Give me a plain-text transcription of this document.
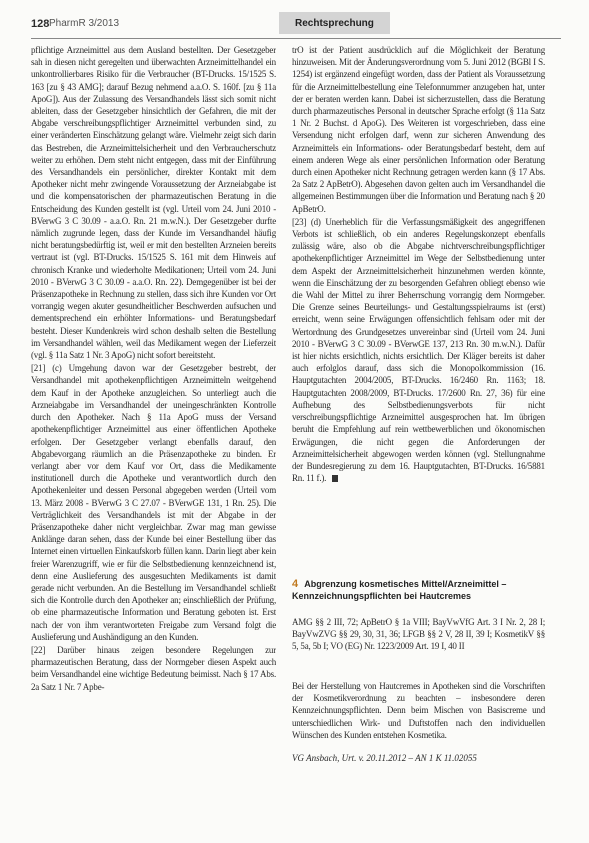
128 PharmR 3/2013	Rechtsprechung

pflichtige Arzneimittel aus dem Ausland bestellten. Der Gesetzgeber sah in diesen nicht geregelten und überwachten Arzneimittelhandel ein unkontrollierbares Risiko für die Verbraucher (BT-Drucks. 15/1525 S. 163 [zu § 43 AMG]; darauf Bezug nehmend a.a.O. S. 160f. [zu § 11a ApoG]). Aus der Zulassung des Versandhandels lässt sich somit nicht ableiten, dass der Gesetzgeber hinsichtlich der Gefahren, die mit der Abgabe verschreibungspflichtiger Arzneimittel verbunden sind, zu einer veränderten Einschätzung gelangt wäre. Vielmehr zeigt sich darin das Bestreben, die Arzneimittelsicherheit und den Verbraucherschutz weiter zu erhöhen. Dem steht nicht entgegen, dass mit der Einführung des Versandhandels ein persönlicher, direkter Kontakt mit dem Apotheker nicht mehr zwingende Voraussetzung der Arzneiabgabe ist und die kompensatorischen der pharmazeutischen Beratung in die Entscheidung des Kunden gestellt ist (vgl. Urteil vom 24. Juni 2010 - BVerwG 3 C 30.09 - a.a.O. Rn. 21 m.w.N.). Der Gesetzgeber durfte nämlich zugrunde legen, dass der Kunde im Versandhandel häufig nicht beratungsbedürftig ist, weil er mit den bestellten Arzneien bereits vertraut ist (vgl. BT-Drucks. 15/1525 S. 161 mit dem Hinweis auf chronisch Kranke und wiederholte Medikationen; Urteil vom 24. Juni 2010 - BVerwG 3 C 30.09 - a.a.O. Rn. 22). Demgegenüber ist bei der Präsenzapotheke in Rechnung zu stellen, dass sich ihre Kunden vor Ort vorrangig wegen akuter gesundheitlicher Beschwerden aufsuchen und dementsprechend ein erhöhter Informations- und Beratungsbedarf besteht. Dieser Kundenkreis wird schon deshalb selten die Bestellung im Versandhandel wählen, weil das Medikament wegen der Lieferzeit (vgl. § 11a Satz 1 Nr. 3 ApoG) nicht sofort bereitsteht.

[21] (c) Umgehung davon war der Gesetzgeber bestrebt, der Versandhandel mit apothekenpflichtigen Arzneimitteln weitgehend dem Kauf in der Apotheke anzugleichen. So unterliegt auch die Arzneiabgabe im Versandhandel der uneingeschränkten Kontrolle durch den Apotheker. Nach § 11a ApoG muss der Versand apothekenpflichtiger Arzneimittel aus einer öffentlichen Apotheke erfolgen. Der Gesetzgeber verlangt ebenfalls darauf, den Abgabevorgang räumlich an die Präsenzapotheke zu binden. Er verlangt aber vor dem Kauf vor Ort, dass die Medikamente institutionell durch die Apotheke und verantwortlich durch den Apothekenleiter und dessen Personal abgegeben werden (Urteil vom 13. März 2008 - BVerwG 3 C 27.07 - BVerwGE 131, 1 Rn. 25). Die Verträglichkeit des Versandhandels ist mit der Abgabe in der Präsenzapotheke daher nicht vergleichbar. Zwar mag man gewisse Anklänge daran sehen, dass der Kunde bei einer Bestellung über das Internet einen virtuellen Einkaufskorb füllen kann. Darin liegt aber kein freier Warenzugriff, wie er für die Selbstbedienung kennzeichnend ist, denn eine Auslieferung des ausgesuchten Medikaments ist damit gerade nicht verbunden. An die Bestellung im Versandhandel schließt sich die Kontrolle durch den Apotheker an; einschließlich der Prüfung, ob eine pharmazeutische Information und Beratung geboten ist. Erst nach der von ihm verantworteten Freigabe zum Versand folgt die Auslieferung und Aushändigung an den Kunden.

[22] Darüber hinaus zeigen besondere Regelungen zur pharmazeutischen Beratung, dass der Normgeber diesen Aspekt auch beim Versandhandel eine wichtige Bedeutung beimisst. Nach § 17 Abs. 2a Satz 1 Nr. 7 Apbe-

trO ist der Patient ausdrücklich auf die Möglichkeit der Beratung hinzuweisen. Mit der Änderungsverordnung vom 5. Juni 2012 (BGBl I S. 1254) ist ergänzend eingefügt worden, dass der Patient als Voraussetzung für die Arzneimittelbestellung eine Telefonnummer anzugeben hat, unter der er beraten werden kann. Dabei ist sicherzustellen, dass die Beratung durch pharmazeutisches Personal in deutscher Sprache erfolgt (§ 11a Satz 1 Nr. 2 Buchst. d ApoG). Des Weiteren ist vorgeschrieben, dass eine Versendung nicht erfolgen darf, wenn zur sicheren Anwendung des Arzneimittels ein Informations- oder Beratungsbedarf besteht, dem auf einem anderen Wege als einer persönlichen Information oder Beratung durch einen Apotheker nicht Rechnung getragen werden kann (§ 17 Abs. 2a Satz 2 ApBetrO). Abgesehen davon gelten auch im Versandhandel die allgemeinen Bestimmungen über die Information und Beratung nach § 20 ApBetrO.

[23] (d) Unerheblich für die Verfassungsmäßigkeit des angegriffenen Verbots ist schließlich, ob ein anderes Regelungskonzept ebenfalls zulässig wäre, also ob die Abgabe nichtverschreibungspflichtiger apothekenpflichtiger Arzneimittel im Wege der Selbstbedienung unter dem Aspekt der Arzneimittelsicherheit hinzunehmen werden könnte, wenn die Einschätzung der zu besorgenden Gefahren obliegt ebenso wie die Wahl der Mittel zu ihrer Beherrschung vorrangig dem Normgeber. Die Grenze seines Beurteilungs- und Gestaltungsspielraums ist (erst) erreicht, wenn seine Erwägungen offensichtlich fehlsam oder mit der Wertordnung des Grundgesetzes unvereinbar sind (Urteil vom 24. Juni 2010 - BVerwG 3 C 30.09 - BVerwGE 137, 213 Rn. 30 m.w.N.). Dafür ist hier nichts ersichtlich, nichts ersichtlich. Der Kläger bereits ist daher auch erfolglos darauf, dass sich die Monopolkommission (16. Hauptgutachten 2004/2005, BT-Drucks. 16/2460 Rn. 1163; 18. Hauptgutachten 2008/2009, BT-Drucks. 17/2600 Rn. 27, 36) für eine Aufhebung des Selbstbedienungsverbots für nicht verschreibungspflichtige Arzneimittel ausgesprochen hat. Im übrigen beruht die Empfehlung auf rein wettbewerblichen und ökonomischen Erwägungen, die nicht gegen die Anforderungen der Arzneimittelsicherheit abgewogen werden können (vgl. Stellungnahme der Bundesregierung zu dem 16. Hauptgutachten, BT-Drucks. 16/5881 Rn. 11 f.).

4 Abgrenzung kosmetisches Mittel/Arzneimittel – Kennzeichnungspflichten bei Hautcremes
AMG §§ 2 III, 72; ApBetrO § 1a VIII; BayVwVfG Art. 3 I Nr. 2, 28 I; BayVwZVG §§ 29, 30, 31, 36; LFGB §§ 2 V, 28 II, 39 I; KosmetikV §§ 5, 5a, 5b I; VO (EG) Nr. 1223/2009 Art. 19 I, 40 II
Bei der Herstellung von Hautcremes in Apotheken sind die Vorschriften der Kosmetikverordnung zu beachten – insbesondere deren Kennzeichnungspflichten. Denn beim Mischen von Basiscreme und unterschiedlichen Wirk- und Duftstoffen nach den individuellen Wünschen des Kunden entstehen Kosmetika.
VG Ansbach, Urt. v. 20.11.2012 – AN 1 K 11.02055
